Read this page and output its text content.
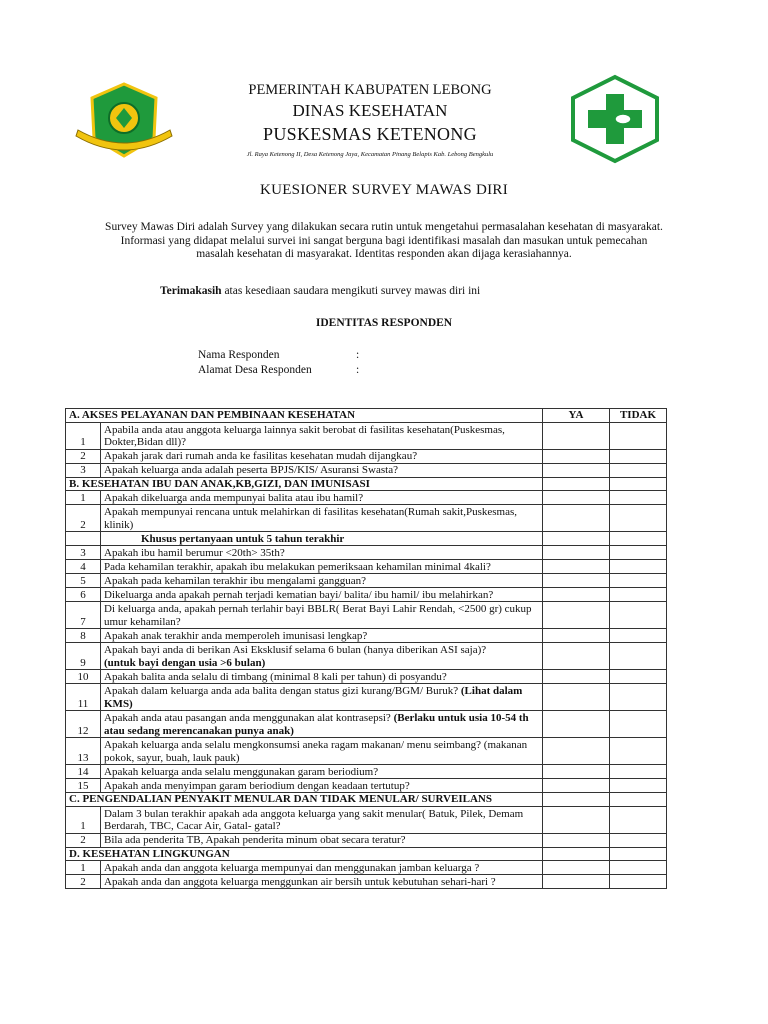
PEMERINTAH KABUPATEN LEBONG
DINAS KESEHATAN
PUSKESMAS KETENONG
Jl. Raya Ketenong II, Desa Ketenong Jaya, Kecamatan Pinang Belapis Kab. Lebong Bengkulu
KUESIONER SURVEY MAWAS DIRI
Survey Mawas Diri adalah Survey yang dilakukan secara rutin untuk mengetahui permasalahan kesehatan di masyarakat. Informasi yang didapat melalui survei ini sangat berguna bagi identifikasi masalah dan masukan untuk pemecahan masalah kesehatan di masyarakat. Identitas responden akan dijaga kerasiahannya.
Terimakasih atas kesediaan saudara mengikuti survey mawas diri ini
IDENTITAS RESPONDEN
Nama Responden	:
Alamat Desa Responden	:
A. AKSES PELAYANAN DAN PEMBINAAN KESEHATAN		YA	TIDAK
1	Apabila anda atau anggota keluarga lainnya sakit berobat di fasilitas kesehatan(Puskesmas, Dokter,Bidan dll)?		
2	Apakah jarak dari rumah anda ke fasilitas kesehatan mudah dijangkau?		
3	Apakah keluarga anda adalah peserta BPJS/KIS/ Asuransi Swasta?		
B. KESEHATAN IBU DAN ANAK,KB,GIZI, DAN IMUNISASI			
1	Apakah dikeluarga anda mempunyai balita atau ibu hamil?		
2	Apakah mempunyai rencana untuk melahirkan di fasilitas kesehatan(Rumah sakit,Puskesmas, klinik)		
	Khusus pertanyaan untuk 5 tahun terakhir		
3	Apakah ibu hamil berumur <20th> 35th?		
4	Pada kehamilan terakhir, apakah ibu melakukan pemeriksaan kehamilan minimal 4kali?		
5	Apakah pada kehamilan terakhir ibu mengalami gangguan?		
6	Dikeluarga anda apakah pernah terjadi kematian bayi/ balita/ ibu hamil/ ibu melahirkan?		
7	Di keluarga anda, apakah pernah terlahir bayi BBLR( Berat Bayi Lahir Rendah, <2500 gr) cukup umur kehamilan?		
8	Apakah anak terakhir anda memperoleh imunisasi lengkap?		
9	Apakah bayi anda di berikan Asi Eksklusif selama 6 bulan (hanya diberikan ASI saja)?
(untuk bayi dengan usia >6 bulan)		
10	Apakah balita anda selalu di timbang (minimal 8 kali per tahun) di posyandu?		
11	Apakah dalam keluarga anda ada balita dengan status gizi kurang/BGM/ Buruk? (Lihat dalam KMS)		
12	Apakah anda atau pasangan anda menggunakan alat kontrasepsi? (Berlaku untuk usia 10-54 th atau sedang merencanakan punya anak)		
13	Apakah keluarga anda selalu mengkonsumsi aneka ragam makanan/ menu seimbang? (makanan pokok, sayur, buah, lauk pauk)		
14	Apakah keluarga anda selalu menggunakan garam beriodium?		
15	Apakah anda menyimpan garam beriodium dengan keadaan tertutup?		
C. PENGENDALIAN PENYAKIT MENULAR DAN TIDAK MENULAR/ SURVEILANS			
1	Dalam 3 bulan terakhir apakah ada anggota keluarga yang sakit menular( Batuk, Pilek, Demam Berdarah, TBC, Cacar Air, Gatal- gatal?		
2	Bila ada penderita TB, Apakah penderita minum obat secara teratur?		
D. KESEHATAN LINGKUNGAN			
1	Apakah anda dan anggota keluarga mempunyai dan menggunakan jamban keluarga ?		
2	Apakah anda dan anggota keluarga menggunkan air bersih untuk kebutuhan sehari-hari ?		
